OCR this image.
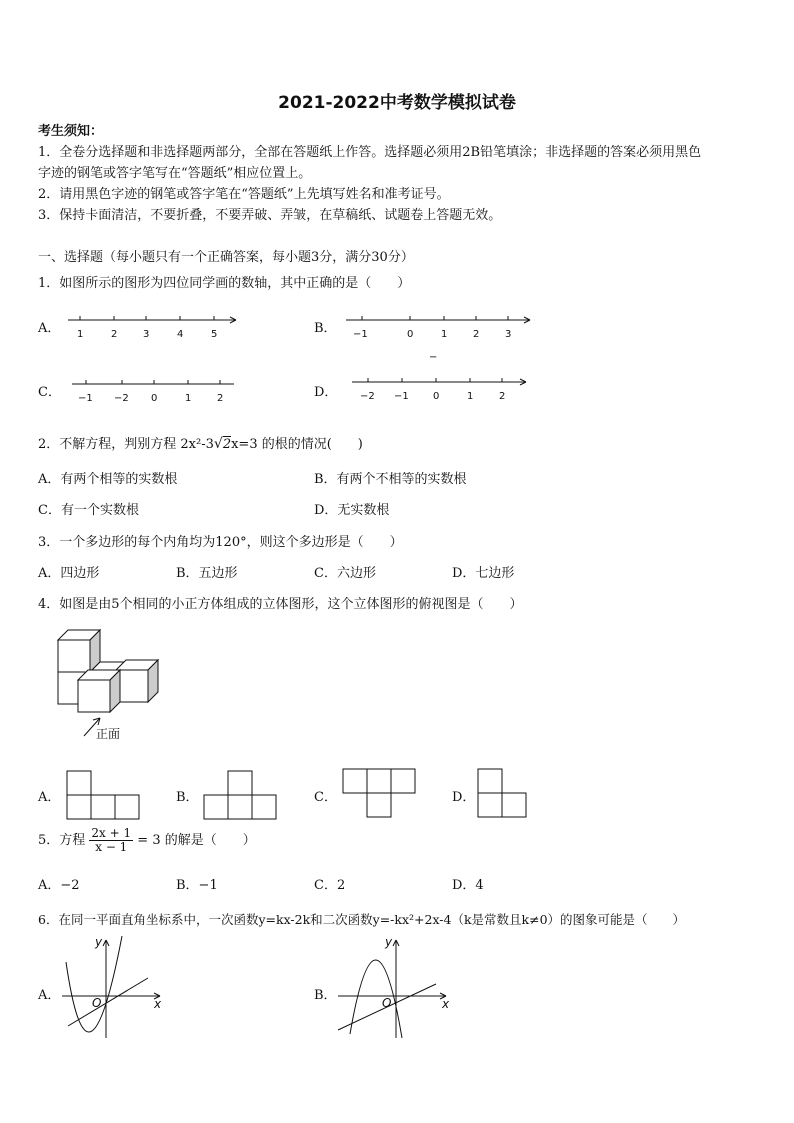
2021-2022中考数学模拟试卷
考生须知：
1．全卷分选择题和非选择题两部分，全部在答题纸上作答。选择题必须用2B铅笔填涂；非选择题的答案必须用黑色
字迹的钢笔或答字笔写在“答题纸”相应位置上。
2．请用黑色字迹的钢笔或答字笔在“答题纸”上先填写姓名和准考证号。
3．保持卡面清洁，不要折叠，不要弄破、弄皱，在草稿纸、试题卷上答题无效。
一、选择题（每小题只有一个正确答案，每小题3分，满分30分）
1．如图所示的图形为四位同学画的数轴，其中正确的是（　　）
A． 1	2	3	4	5	B． −1	0	1	2	3
−
C． −1 −2 0	1	2	D． −2 −1 0	1	2
2．不解方程，判别方程 2x²-3√2x=3 的根的情况(　　)
A．有两个相等的实数根	B．有两个不相等的实数根
C．有一个实数根	D．无实数根
3．一个多边形的每个内角均为120°，则这个多边形是（　　）
A．四边形	B．五边形	C．六边形	D．七边形
4．如图是由5个相同的小正方体组成的立体图形，这个立体图形的俯视图是（　　）
正面
A．	B．	C．	D．
5．方程 $\frac{2x + 1}{x - 1} = 3$ 的解是（　　）
A．−2	B．−1	C．2	D．4
6．在同一平面直角坐标系中，一次函数y=kx-2k和二次函数y=-kx²+2x-4（k是常数且k≠0）的图象可能是（　　）
A．
y
x
O	B．
y
x
O
